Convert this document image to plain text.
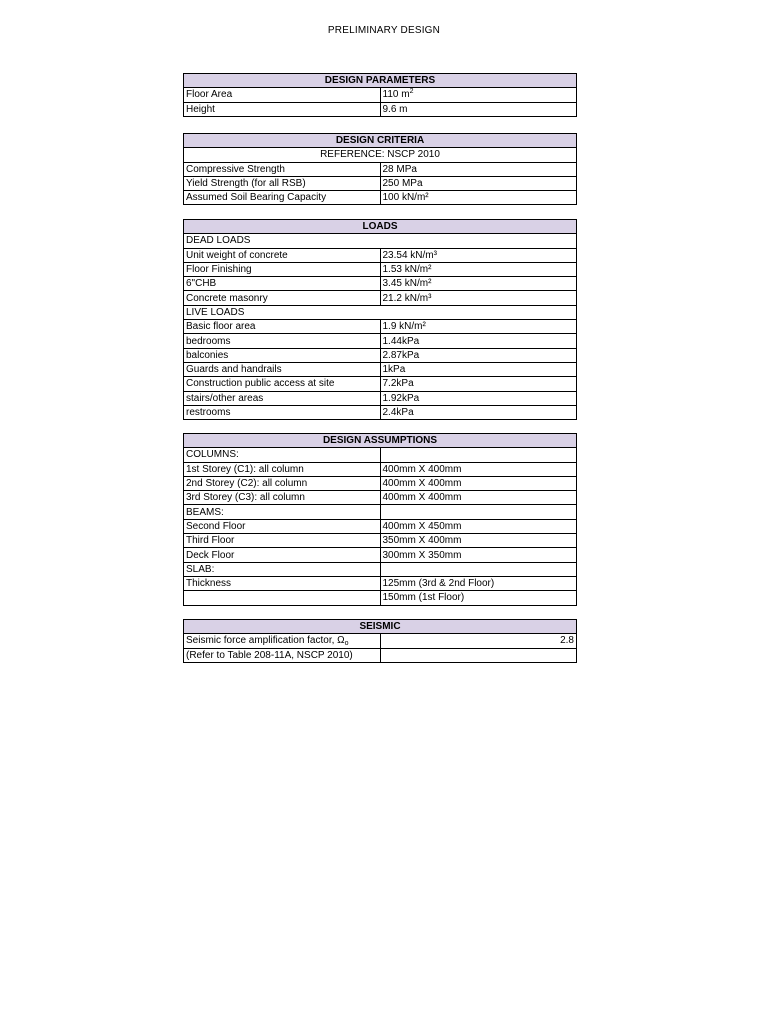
PRELIMINARY DESIGN
DESIGN PARAMETERS	
Floor Area	110 $m^2$
Height	9.6 m
DESIGN CRITERIA	
REFERENCE: NSCP 2010	
Compressive Strength	28 MPa
Yield Strength (for all RSB)	250 MPa
Assumed Soil Bearing Capacity	100 kN/m²
LOADS	
DEAD LOADS	
Unit weight of concrete	23.54 kN/m³
Floor Finishing	1.53 kN/m²
6"CHB	3.45 kN/m²
Concrete masonry	21.2 kN/m³
LIVE LOADS	
Basic floor area	1.9 kN/m²
bedrooms	1.44kPa
balconies	2.87kPa
Guards and handrails	1kPa
Construction public access at site	7.2kPa
stairs/other areas	1.92kPa
restrooms	2.4kPa
DESIGN ASSUMPTIONS	
COLUMNS:	
1st Storey (C1): all column	400mm X 400mm
2nd Storey (C2): all column	400mm X 400mm
3rd Storey (C3): all column	400mm X 400mm
BEAMS:	
Second Floor	400mm X 450mm
Third Floor	350mm X 400mm
Deck Floor	300mm X 350mm
SLAB:	
Thickness	125mm (3rd & 2nd Floor)
	150mm (1st Floor)
SEISMIC	
Seismic force amplification factor, $\Omega_o$	2.8
(Refer to Table 208-11A, NSCP 2010)	
